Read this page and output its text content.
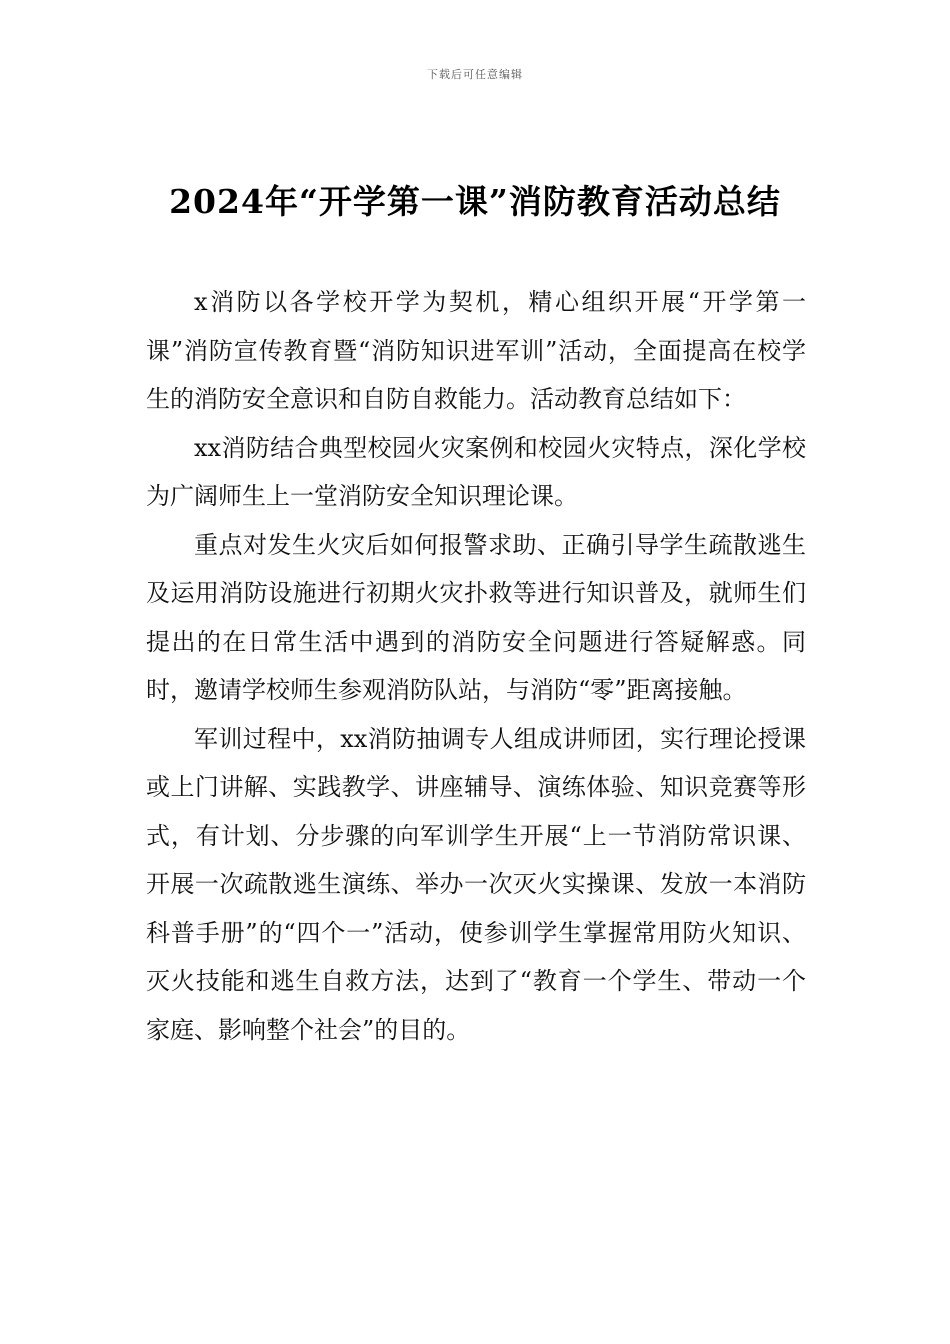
下载后可任意编辑
2024年“开学第一课”消防教育活动总结

x消防以各学校开学为契机，精心组织开展“开学第一课”消防宣传教育暨“消防知识进军训”活动，全面提高在校学生的消防安全意识和自防自救能力。活动教育总结如下：

xx消防结合典型校园火灾案例和校园火灾特点，深化学校为广阔师生上一堂消防安全知识理论课。

重点对发生火灾后如何报警求助、正确引导学生疏散逃生及运用消防设施进行初期火灾扑救等进行知识普及，就师生们提出的在日常生活中遇到的消防安全问题进行答疑解惑。同时，邀请学校师生参观消防队站，与消防“零”距离接触。

军训过程中，xx消防抽调专人组成讲师团，实行理论授课或上门讲解、实践教学、讲座辅导、演练体验、知识竞赛等形式，有计划、分步骤的向军训学生开展“上一节消防常识课、开展一次疏散逃生演练、举办一次灭火实操课、发放一本消防科普手册”的“四个一”活动，使参训学生掌握常用防火知识、灭火技能和逃生自救方法，达到了“教育一个学生、带动一个家庭、影响整个社会”的目的。
